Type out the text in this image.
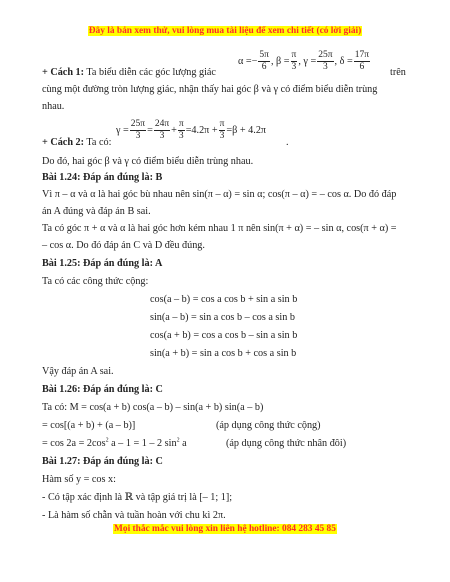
Đây là bản xem thử, vui lòng mua tài liệu để xem chi tiết (có lời giải)
+ Cách 1: Ta biểu diễn các góc lượng giác
$\alpha =- \frac{5\pi}{6}$ , $\beta = \frac{\pi}{3}$ , $\gamma = \frac{25\pi}{3}$ , $\delta = \frac{17\pi}{6}$ trên
cùng một đường tròn lượng giác, nhận thấy hai góc β và γ có điểm biểu diễn trùng
nhau.
+ Cách 2: Ta có:
$\gamma = \frac{25\pi}{3} = \frac{24\pi}{3} + \frac{\pi}{3} =4.2\pi + \frac{\pi}{3} =\beta + 4.2\pi$
.
Do đó, hai góc β và γ có điểm biểu diễn trùng nhau.
Bài 1.24: Đáp án đúng là: B
Vì π – α và α là hai góc bù nhau nên sin(π – α) = sin α; cos(π – α) = – cos α. Do đó đáp
án A đúng và đáp án B sai.
Ta có góc π + α và α là hai góc hơn kém nhau 1 π nên sin(π + α) = – sin α, cos(π + α) =
– cos α. Do đó đáp án C và D đều đúng.
Bài 1.25: Đáp án đúng là: A
Ta có các công thức cộng:
cos(a – b) = cos a cos b + sin a sin b
sin(a – b) = sin a cos b – cos a sin b
cos(a + b) = cos a cos b – sin a sin b
sin(a + b) = sin a cos b + cos a sin b
Vậy đáp án A sai.
Bài 1.26: Đáp án đúng là: C
Ta có: M = cos(a + b) cos(a – b) – sin(a + b) sin(a – b)
= cos[(a + b) + (a – b)]	(áp dụng công thức cộng)
= $\cos 2a = 2\cos^2$ a – 1 = 1 – 2 $\sin^2 a$	(áp dụng công thức nhân đôi)
Bài 1.27: Đáp án đúng là: C
Hàm số y = cos x:
- Có tập xác định là ℝ và tập giá trị là [– 1; 1];
- Là hàm số chẵn và tuần hoàn với chu kì 2π.
Mọi thắc mắc vui lòng xin liên hệ hotline: 084 283 45 85
